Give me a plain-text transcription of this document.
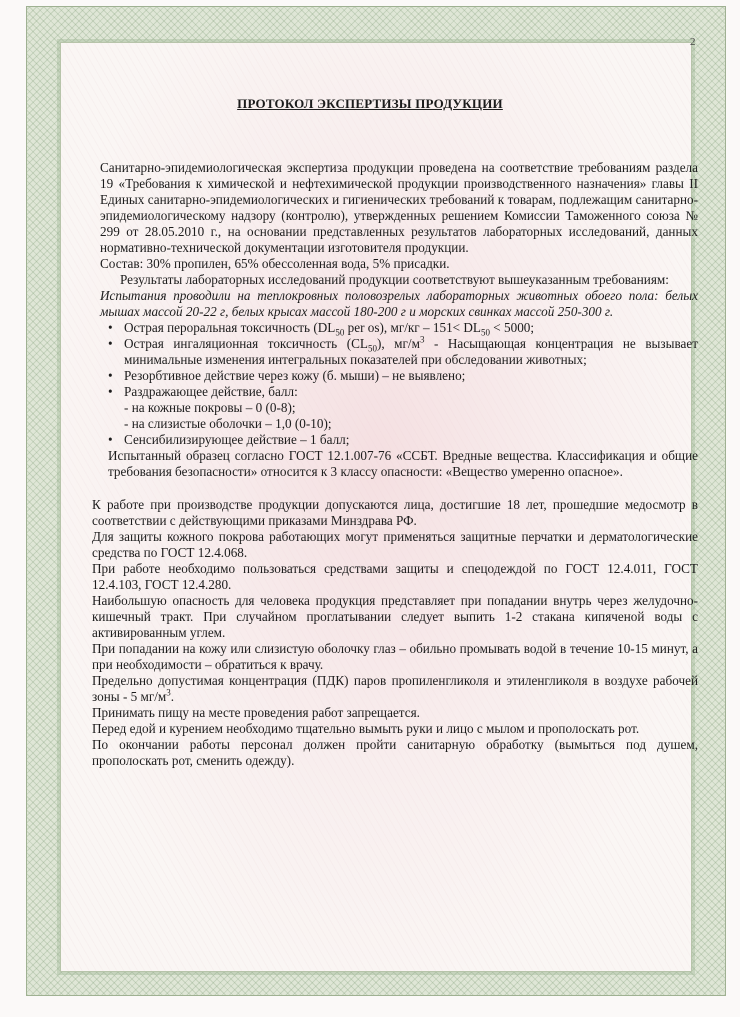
2
ПРОТОКОЛ ЭКСПЕРТИЗЫ ПРОДУКЦИИ

Санитарно-эпидемиологическая экспертиза продукции проведена на соответствие требованиям раздела 19 «Требования к химической и нефтехимической продукции производственного назначения» главы II Единых санитарно-эпидемиологических и гигиенических требований к товарам, подлежащим санитарно-эпидемиологическому надзору (контролю), утвержденных решением Комиссии Таможенного союза № 299 от 28.05.2010 г., на основании представленных результатов лабораторных исследований, данных нормативно-технической документации изготовителя продукции.

Состав: 30% пропилен, 65% обессоленная вода, 5% присадки.

Результаты лабораторных исследований продукции соответствуют вышеуказанным требованиям:

Испытания проводили на теплокровных половозрелых лабораторных животных обоего пола: белых мышах массой 20-22 г, белых крысах массой 180-200 г и морских свинках массой 250-300 г.

• Острая пероральная токсичность ($DL_{50}$ per os), $мг/кг - 151< DL_{50} < 5000$;
• Острая ингаляционная токсичность $(CL_{50})$, $мг/м^3$ - Насыщающая концентрация не вызывает минимальные изменения интегральных показателей при обследовании животных;
• Резорбтивное действие через кожу (б. мыши) – не выявлено;
• Раздражающее действие, балл:

- на кожные покровы – 0 (0-8);

- на слизистые оболочки – 1,0 (0-10);

• Сенсибилизирующее действие – 1 балл;

Испытанный образец согласно ГОСТ 12.1.007-76 «ССБТ. Вредные вещества. Классификация и общие требования безопасности» относится к 3 классу опасности: «Вещество умеренно опасное».

К работе при производстве продукции допускаются лица, достигшие 18 лет, прошедшие медосмотр в соответствии с действующими приказами Минздрава РФ.

Для защиты кожного покрова работающих могут применяться защитные перчатки и дерматологические средства по ГОСТ 12.4.068.

При работе необходимо пользоваться средствами защиты и спецодеждой по ГОСТ 12.4.011, ГОСТ 12.4.103, ГОСТ 12.4.280.

Наибольшую опасность для человека продукция представляет при попадании внутрь через желудочно-кишечный тракт. При случайном проглатывании следует выпить 1-2 стакана кипяченой воды с активированным углем.

При попадании на кожу или слизистую оболочку глаз – обильно промывать водой в течение 10-15 минут, а при необходимости – обратиться к врачу.

Предельно допустимая концентрация (ПДК) паров пропиленгликоля и этиленгликоля в воздухе рабочей зоны - 5 $мг/м^3$.

Принимать пищу на месте проведения работ запрещается.

Перед едой и курением необходимо тщательно вымыть руки и лицо с мылом и прополоскать рот.

По окончании работы персонал должен пройти санитарную обработку (вымыться под душем, прополоскать рот, сменить одежду).
